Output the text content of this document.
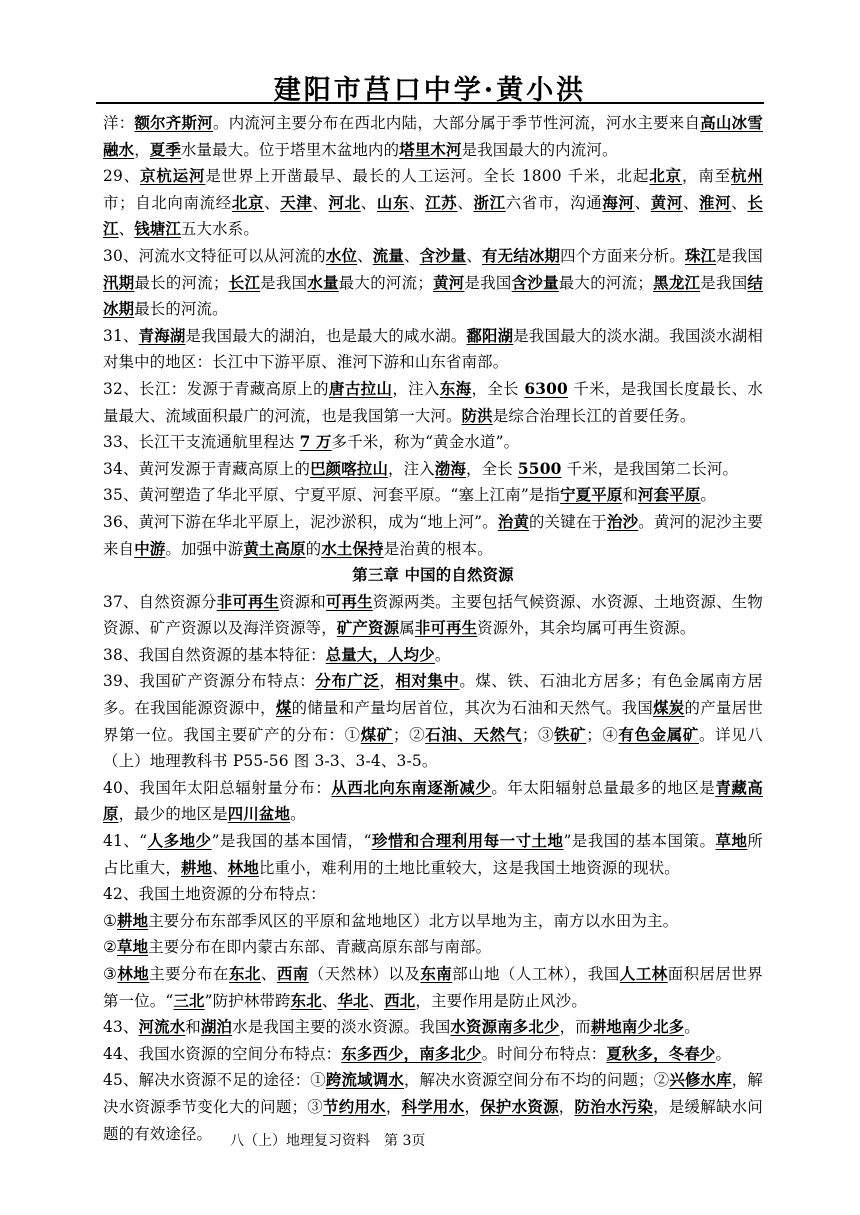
建阳市莒口中学·黄小洪

洋：额尔齐斯河。内流河主要分布在西北内陆，大部分属于季节性河流，河水主要来自高山冰雪融水，夏季水量最大。位于塔里木盆地内的塔里木河是我国最大的内流河。

29、京杭运河是世界上开凿最早、最长的人工运河。全长 1800 千米，北起北京，南至杭州市；自北向南流经北京、天津、河北、山东、江苏、浙江六省市，沟通海河、黄河、淮河、长江、钱塘江五大水系。

30、河流水文特征可以从河流的水位、流量、含沙量、有无结冰期四个方面来分析。珠江是我国汛期最长的河流；长江是我国水量最大的河流；黄河是我国含沙量最大的河流；黑龙江是我国结冰期最长的河流。

31、青海湖是我国最大的湖泊，也是最大的咸水湖。鄱阳湖是我国最大的淡水湖。我国淡水湖相对集中的地区：长江中下游平原、淮河下游和山东省南部。

32、长江：发源于青藏高原上的唐古拉山，注入东海，全长 6300 千米，是我国长度最长、水量最大、流域面积最广的河流，也是我国第一大河。防洪是综合治理长江的首要任务。

33、长江干支流通航里程达 7 万多千米，称为“黄金水道”。

34、黄河发源于青藏高原上的巴颜喀拉山，注入渤海，全长 5500 千米，是我国第二长河。

35、黄河塑造了华北平原、宁夏平原、河套平原。“塞上江南”是指宁夏平原和河套平原。

36、黄河下游在华北平原上，泥沙淤积，成为“地上河”。治黄的关键在于治沙。黄河的泥沙主要来自中游。加强中游黄土高原的水土保持是治黄的根本。

第三章 中国的自然资源

37、自然资源分非可再生资源和可再生资源两类。主要包括气候资源、水资源、土地资源、生物资源、矿产资源以及海洋资源等，矿产资源属非可再生资源外，其余均属可再生资源。

38、我国自然资源的基本特征：总量大，人均少。

39、我国矿产资源分布特点：分布广泛，相对集中。煤、铁、石油北方居多；有色金属南方居多。在我国能源资源中，煤的储量和产量均居首位，其次为石油和天然气。我国煤炭的产量居世界第一位。我国主要矿产的分布：①煤矿；②石油、天然气；③铁矿；④有色金属矿。详见八（上）地理教科书 P55-56 图 3-3、3-4、3-5。

40、我国年太阳总辐射量分布：从西北向东南逐渐减少。年太阳辐射总量最多的地区是青藏高原，最少的地区是四川盆地。

41、“人多地少”是我国的基本国情，“珍惜和合理利用每一寸土地”是我国的基本国策。草地所占比重大，耕地、林地比重小，难利用的土地比重较大，这是我国土地资源的现状。

42、我国土地资源的分布特点：

①耕地主要分布东部季风区的平原和盆地地区）北方以旱地为主，南方以水田为主。

②草地主要分布在即内蒙古东部、青藏高原东部与南部。

③林地主要分布在东北、西南（天然林）以及东南部山地（人工林），我国人工林面积居居世界第一位。“三北”防护林带跨东北、华北、西北，主要作用是防止风沙。

43、河流水和湖泊水是我国主要的淡水资源。我国水资源南多北少，而耕地南少北多。

44、我国水资源的空间分布特点：东多西少，南多北少。时间分布特点：夏秋多，冬春少。

45、解决水资源不足的途径：①跨流域调水，解决水资源空间分布不均的问题；②兴修水库，解决水资源季节变化大的问题；③节约用水，科学用水，保护水资源，防治水污染，是缓解缺水问题的有效途径。	八（上）地理复习资料　第 3页
